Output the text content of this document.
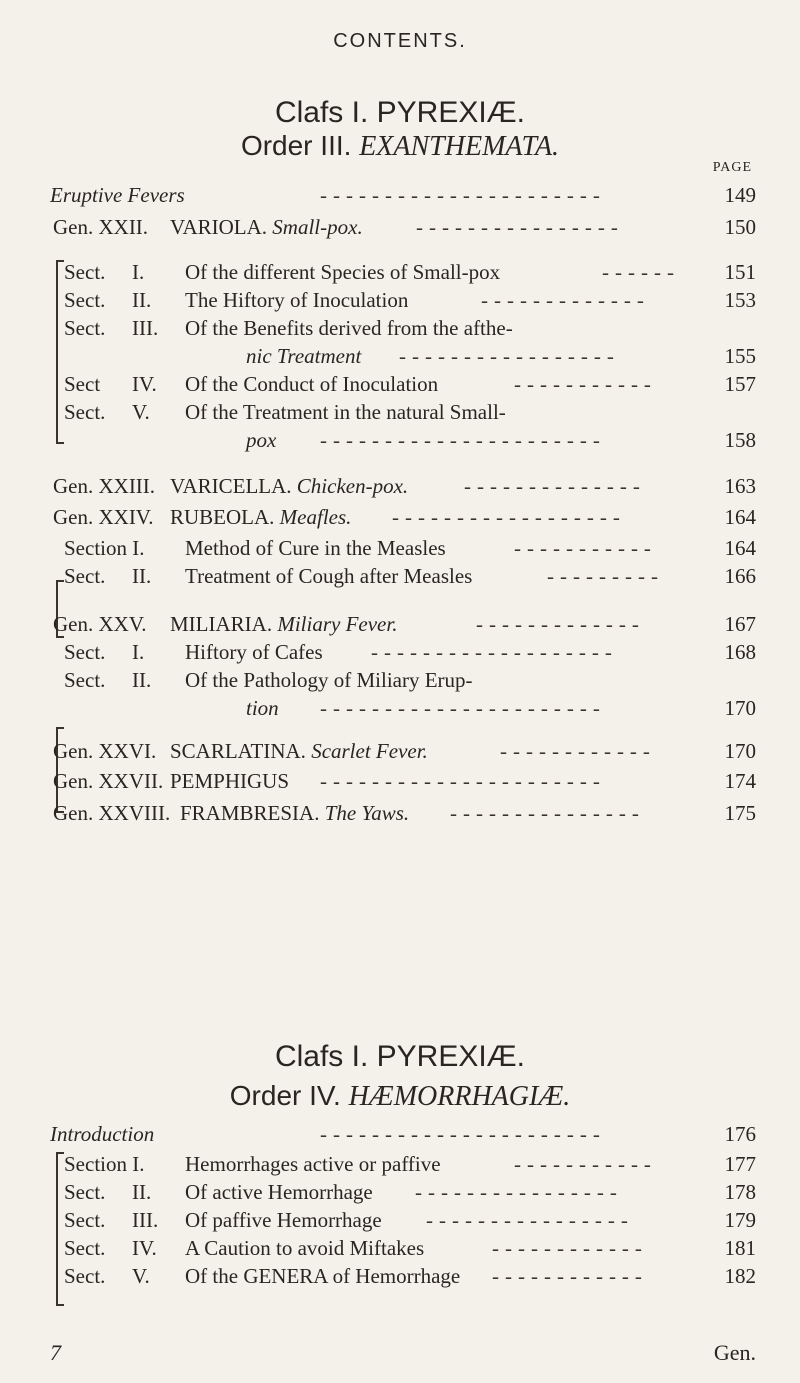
CONTENTS.
Clafs I. PYREXIÆ.
Order III. EXANTHEMATA.
PAGE
Clafs I. PYREXIÆ.
Order IV. HÆMORRHAGIÆ.
Eruptive Fevers	----------------------	149
Gen. XXII. VARIOLA. Small-pox.	----------------	150
Sect. I. Of the different Species of Small-pox	------ 151
Sect. II. The Hiftory of Inoculation	-------------	153
Sect. III. Of the Benefits derived from the afthe-
nic Treatment -----------------	155
Sect IV. Of the Conduct of Inoculation	-----------	157
Sect. V. Of the Treatment in the natural Small-
pox ----------------------	158
Gen. XXIII. VARICELLA. Chicken-pox.	--------------	163
Gen. XXIV. RUBEOLA. Meafles. ------------------	164
Section I. Method of Cure in the Measles	-----------	164
Sect. II. Treatment of Cough after Measles	---------	166
Gen. XXV. MILIARIA. Miliary Fever.	-------------	167
Sect. I. Hiftory of Cafes -------------------	168
Sect. II. Of the Pathology of Miliary Erup-
tion ----------------------	170
Gen. XXVI. SCARLATINA. Scarlet Fever.	------------	170
Gen. XXVII. PEMPHIGUS ----------------------	174
Gen. XXVIII. FRAMBRESIA. The Yaws. ---------------	175
Introduction	----------------------	176
Section I. Hemorrhages active or paffive	-----------	177
Sect. II. Of active Hemorrhage ----------------	178
Sect. III. Of paffive Hemorrhage ----------------	179
Sect. IV. A Caution to avoid Miftakes	------------	181
Sect. V. Of the GENERA of Hemorrhage ------------	182
7	Gen.
